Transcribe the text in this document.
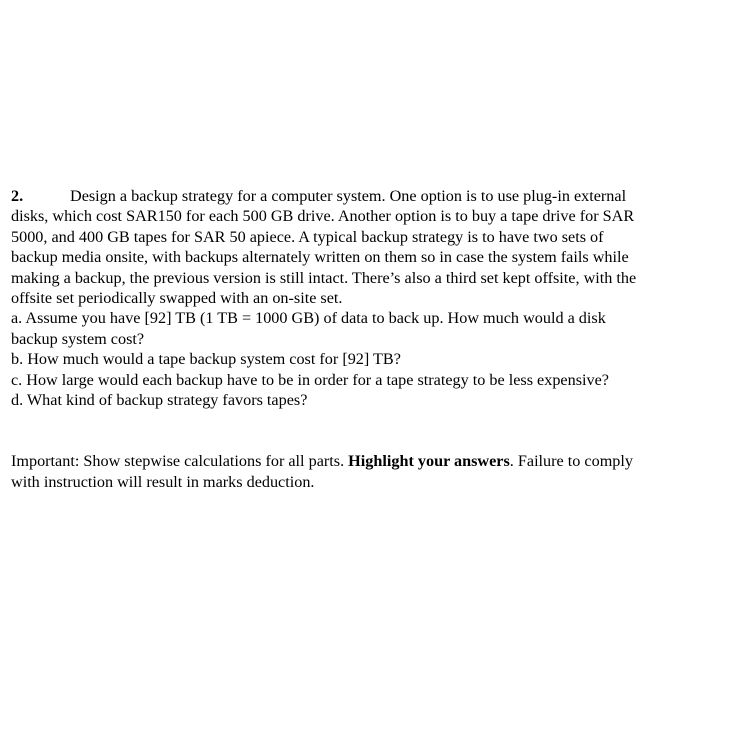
2.	Design a backup strategy for a computer system. One option is to use plug-in external
disks, which cost SAR150 for each 500 GB drive. Another option is to buy a tape drive for SAR
5000, and 400 GB tapes for SAR 50 apiece. A typical backup strategy is to have two sets of
backup media onsite, with backups alternately written on them so in case the system fails while
making a backup, the previous version is still intact. There’s also a third set kept offsite, with the
offsite set periodically swapped with an on-site set.
a. Assume you have [92] TB (1 TB = 1000 GB) of data to back up. How much would a disk
backup system cost?
b. How much would a tape backup system cost for [92] TB?
c. How large would each backup have to be in order for a tape strategy to be less expensive?
d. What kind of backup strategy favors tapes?
Important: Show stepwise calculations for all parts. Highlight your answers. Failure to comply
with instruction will result in marks deduction.
